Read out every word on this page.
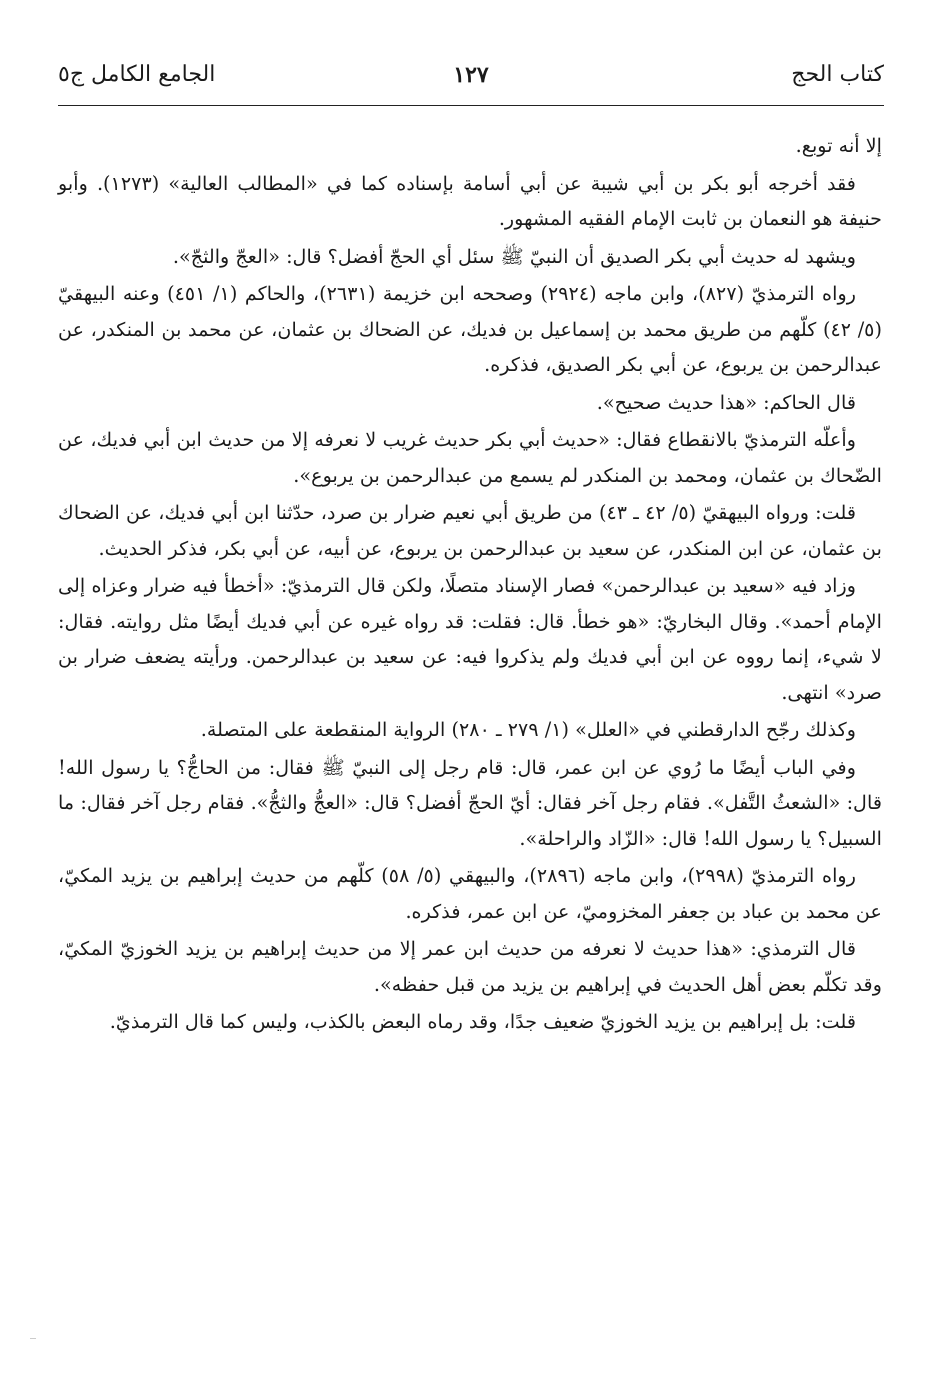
كتاب الحج
١٢٧
الجامع الكامل ج٥

إلا أنه توبع.

فقد أخرجه أبو بكر بن أبي شيبة عن أبي أسامة بإسناده كما في «المطالب العالية» (١٢٧٣). وأبو حنيفة هو النعمان بن ثابت الإمام الفقيه المشهور.

ويشهد له حديث أبي بكر الصديق أن النبيّ ﷺ سئل أي الحجّ أفضل؟ قال: «العجّ والثجّ».

رواه الترمذيّ (٨٢٧)، وابن ماجه (٢٩٢٤) وصححه ابن خزيمة (٢٦٣١)، والحاكم (١/ ٤٥١) وعنه البيهقيّ (٥/ ٤٢) كلّهم من طريق محمد بن إسماعيل بن فديك، عن الضحاك بن عثمان، عن محمد بن المنكدر، عن عبدالرحمن بن يربوع، عن أبي بكر الصديق، فذكره.

قال الحاكم: «هذا حديث صحيح».

وأعلّه الترمذيّ بالانقطاع فقال: «حديث أبي بكر حديث غريب لا نعرفه إلا من حديث ابن أبي فديك، عن الضّحاك بن عثمان، ومحمد بن المنكدر لم يسمع من عبدالرحمن بن يربوع».

قلت: ورواه البيهقيّ (٥/ ٤٢ ـ ٤٣) من طريق أبي نعيم ضرار بن صرد، حدّثنا ابن أبي فديك، عن الضحاك بن عثمان، عن ابن المنكدر، عن سعيد بن عبدالرحمن بن يربوع، عن أبيه، عن أبي بكر، فذكر الحديث.

وزاد فيه «سعيد بن عبدالرحمن» فصار الإسناد متصلًا، ولكن قال الترمذيّ: «أخطأ فيه ضرار وعزاه إلى الإمام أحمد». وقال البخاريّ: «هو خطأ. قال: فقلت: قد رواه غيره عن أبي فديك أيضًا مثل روايته. فقال: لا شيء، إنما رووه عن ابن أبي فديك ولم يذكروا فيه: عن سعيد بن عبدالرحمن. ورأيته يضعف ضرار بن صرد» انتهى.

وكذلك رجّح الدارقطني في «العلل» (١/ ٢٧٩ ـ ٢٨٠) الرواية المنقطعة على المتصلة.

وفي الباب أيضًا ما رُوي عن ابن عمر، قال: قام رجل إلى النبيّ ﷺ فقال: من الحاجُّ؟ يا رسول الله! قال: «الشعثُ التَّفل». فقام رجل آخر فقال: أيّ الحجّ أفضل؟ قال: «العجُّ والثجُّ». فقام رجل آخر فقال: ما السبيل؟ يا رسول الله! قال: «الزّاد والراحلة».

رواه الترمذيّ (٢٩٩٨)، وابن ماجه (٢٨٩٦)، والبيهقي (٥/ ٥٨) كلّهم من حديث إبراهيم بن يزيد المكيّ، عن محمد بن عباد بن جعفر المخزوميّ، عن ابن عمر، فذكره.

قال الترمذي: «هذا حديث لا نعرفه من حديث ابن عمر إلا من حديث إبراهيم بن يزيد الخوزيّ المكيّ، وقد تكلّم بعض أهل الحديث في إبراهيم بن يزيد من قبل حفظه».

قلت: بل إبراهيم بن يزيد الخوزيّ ضعيف جدًا، وقد رماه البعض بالكذب، وليس كما قال الترمذيّ.
